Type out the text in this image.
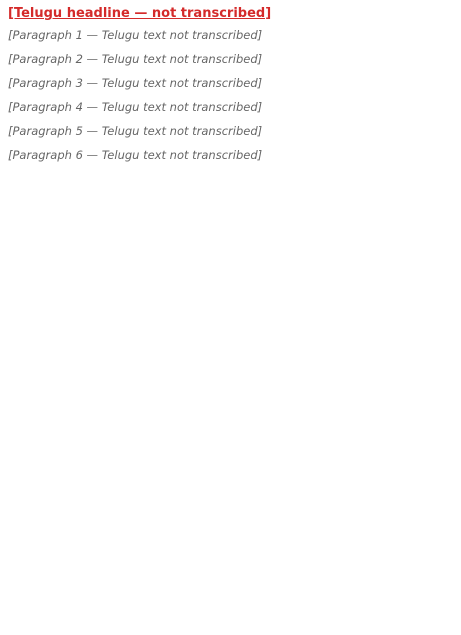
[Telugu headline — not transcribed]

[Paragraph 1 — Telugu text not transcribed]

[Paragraph 2 — Telugu text not transcribed]

[Paragraph 3 — Telugu text not transcribed]

[Paragraph 4 — Telugu text not transcribed]

[Paragraph 5 — Telugu text not transcribed]

[Paragraph 6 — Telugu text not transcribed]
